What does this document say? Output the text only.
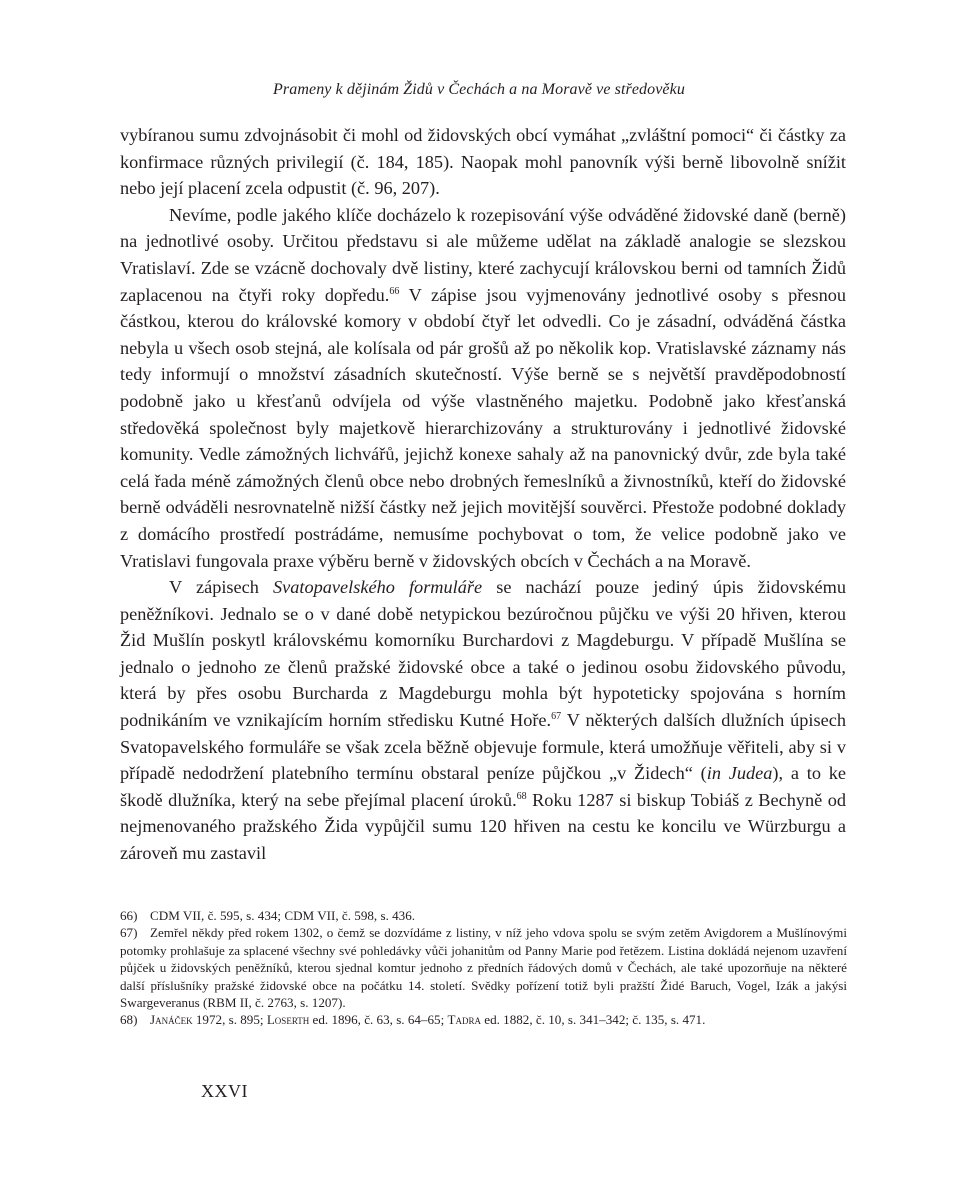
Prameny k dějinám Židů v Čechách a na Moravě ve středověku

vybíranou sumu zdvojnásobit či mohl od židovských obcí vymáhat „zvláštní pomoci“ či částky za konfirmace různých privilegií (č. 184, 185). Naopak mohl panovník výši berně libovolně snížit nebo její placení zcela odpustit (č. 96, 207).

Nevíme, podle jakého klíče docházelo k rozepisování výše odváděné židovské daně (berně) na jednotlivé osoby. Určitou představu si ale můžeme udělat na základě analogie se slezskou Vratislaví. Zde se vzácně dochovaly dvě listiny, které zachycují královskou berni od tamních Židů zaplacenou na čtyři roky dopředu.$^{66}$ V zápise jsou vyjmenovány jednotlivé osoby s přesnou částkou, kterou do královské komory v období čtyř let odvedli. Co je zásadní, odváděná částka nebyla u všech osob stejná, ale kolísala od pár grošů až po několik kop. Vratislavské záznamy nás tedy informují o množství zásadních skutečností. Výše berně se s největší pravděpodobností podobně jako u křesťanů odvíjela od výše vlastněného majetku. Podobně jako křesťanská středověká společnost byly majetkově hierarchizovány a strukturovány i jednotlivé židovské komunity. Vedle zámožných lichvářů, jejichž konexe sahaly až na panovnický dvůr, zde byla také celá řada méně zámožných členů obce nebo drobných řemeslníků a živnostníků, kteří do židovské berně odváděli nesrovnatelně nižší částky než jejich movitější souvěrci. Přestože podobné doklady z domácího prostředí postrádáme, nemusíme pochybovat o tom, že velice podobně jako ve Vratislavi fungovala praxe výběru berně v židovských obcích v Čechách a na Moravě.

V zápisech Svatopavelského formuláře se nachází pouze jediný úpis židovskému peněžníkovi. Jednalo se o v dané době netypickou bezúročnou půjčku ve výši 20 hřiven, kterou Žid Mušlín poskytl královskému komorníku Burchardovi z Magdeburgu. V případě Mušlína se jednalo o jednoho ze členů pražské židovské obce a také o jedinou osobu židovského původu, která by přes osobu Burcharda z Magdeburgu mohla být hypoteticky spojována s horním podnikáním ve vznikajícím horním středisku Kutné Hoře.$^{67}$ V některých dalších dlužních úpisech Svatopavelského formuláře se však zcela běžně objevuje formule, která umožňuje věřiteli, aby si v případě nedodržení platebního termínu obstaral peníze půjčkou „v Židech“ (in Judea), a to ke škodě dlužníka, který na sebe přejímal placení úroků.$^{68}$ Roku 1287 si biskup Tobiáš z Bechyně od nejmenovaného pražského Žida vypůjčil sumu 120 hřiven na cestu ke koncilu ve Würzburgu a zároveň mu zastavil

66) CDM VII, č. 595, s. 434; CDM VII, č. 598, s. 436.

67) Zemřel někdy před rokem 1302, o čemž se dozvídáme z listiny, v níž jeho vdova spolu se svým zetěm Avigdorem a Mušlínovými potomky prohlašuje za splacené všechny své pohledávky vůči johanitům od Panny Marie pod řetězem. Listina dokládá nejenom uzavření půjček u židovských peněžníků, kterou sjednal komtur jednoho z předních řádových domů v Čechách, ale také upozorňuje na některé další příslušníky pražské židovské obce na počátku 14. století. Svědky pořízení totiž byli pražští Židé Baruch, Vogel, Izák a jakýsi Swargeveranus (RBM II, č. 2763, s. 1207).

68) Janáček 1972, s. 895; Loserth ed. 1896, č. 63, s. 64–65; Tadra ed. 1882, č. 10, s. 341–342; č. 135, s. 471.

XXVI
